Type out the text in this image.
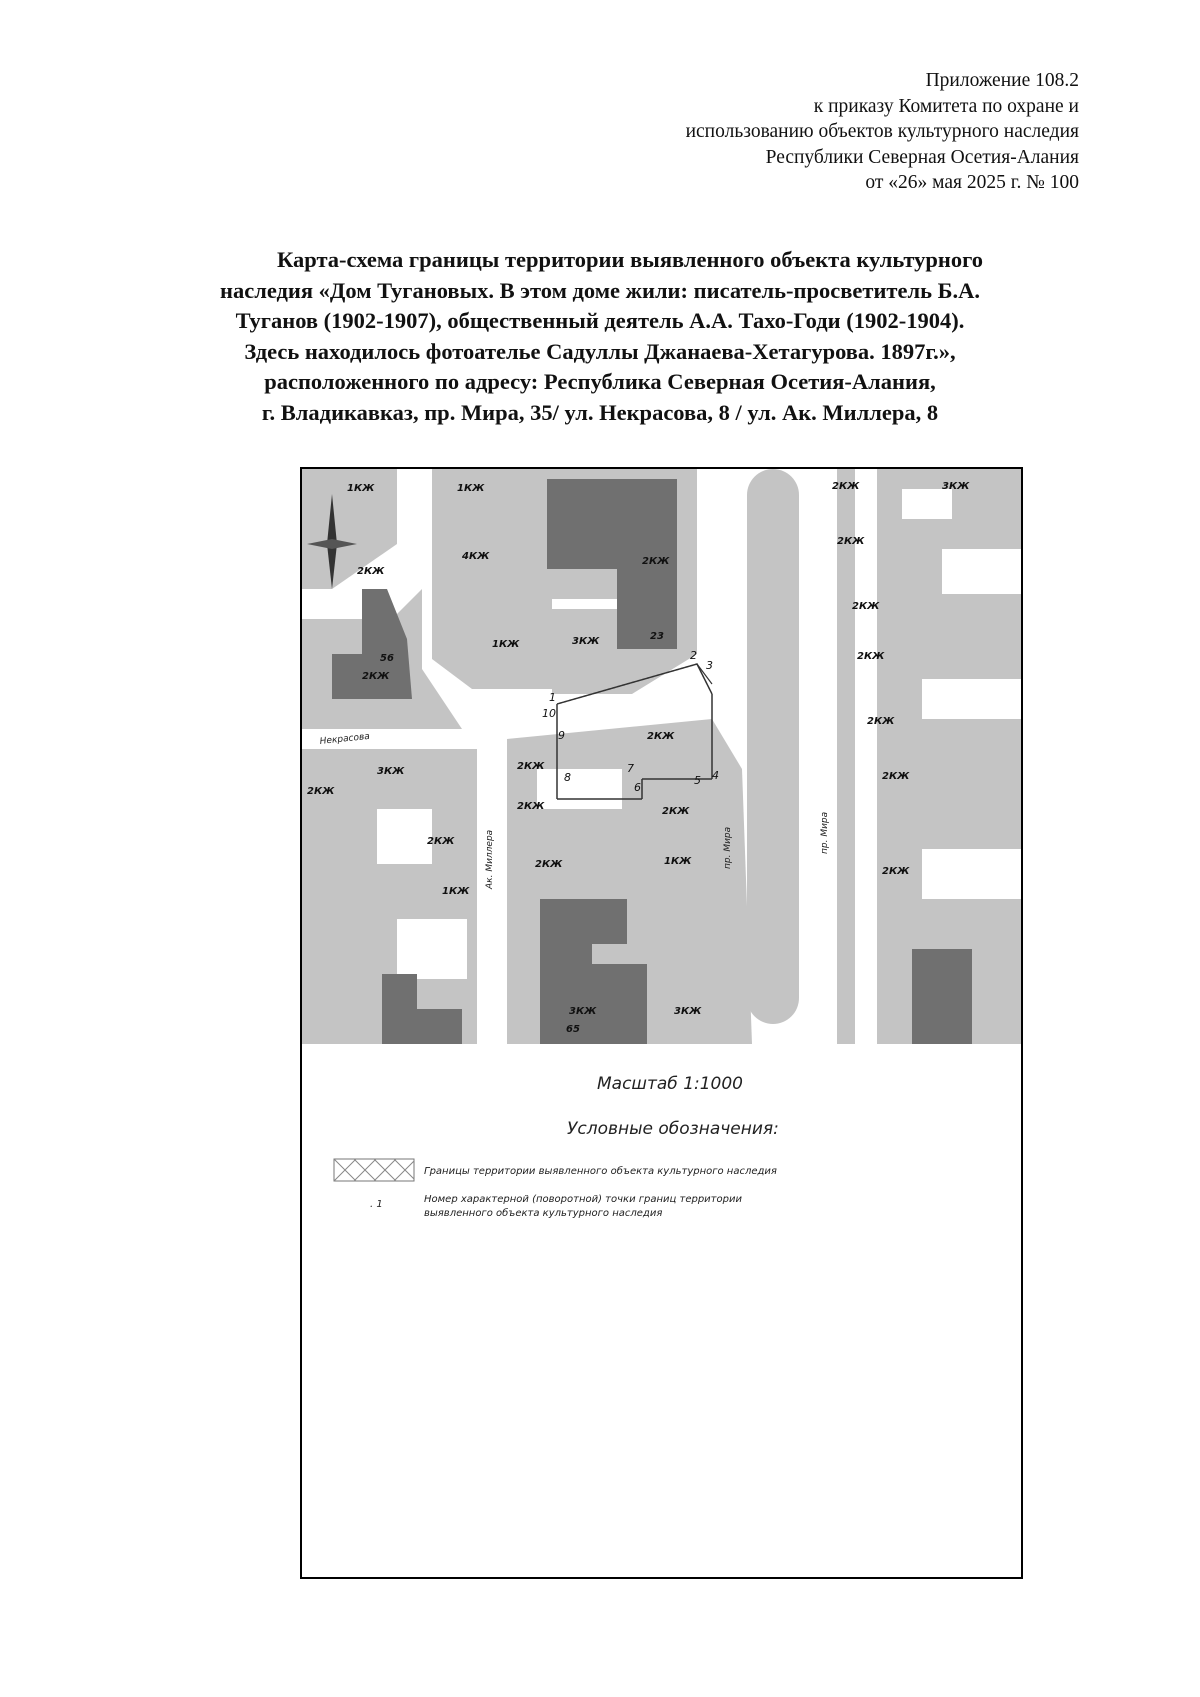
Приложение 108.2
к приказу Комитета по охране и
использованию объектов культурного наследия
Республики Северная Осетия-Алания
от «26» мая 2025 г. № 100
Карта-схема границы территории выявленного объекта культурного
наследия «Дом Тугановых. В этом доме жили: писатель-просветитель Б.А.
Туганов (1902-1907), общественный деятель А.А. Тахо-Годи (1902-1904).
Здесь находилось фотоателье Садуллы Джанаева-Хетагурова. 1897г.»,
расположенного по адресу: Республика Северная Осетия-Алания,
г. Владикавказ, пр. Мира, 35/ ул. Некрасова, 8 / ул. Ак. Миллера, 8
1
2
3
4
5
6
7
8
9
10
1КЖ	1КЖ
2КЖ
4КЖ
1КЖ	3КЖ
2КЖ
2КЖ
2КЖ	3КЖ
2КЖ
2КЖ
2КЖ
2КЖ
3КЖ
2КЖ
2КЖ
2КЖ
1КЖ
2КЖ
2КЖ
2КЖ
3КЖ
2КЖ
2КЖ
3КЖ
2КЖ
1КЖ
56
23
65
Некрасова
Ак. Миллера	пр. Мира	пр. Мира
Масштаб 1:1000
Условные обозначения:
Границы территории выявленного объекта культурного наследия
. 1	Номер характерной (поворотной) точки границ территории
выявленного объекта культурного наследия
